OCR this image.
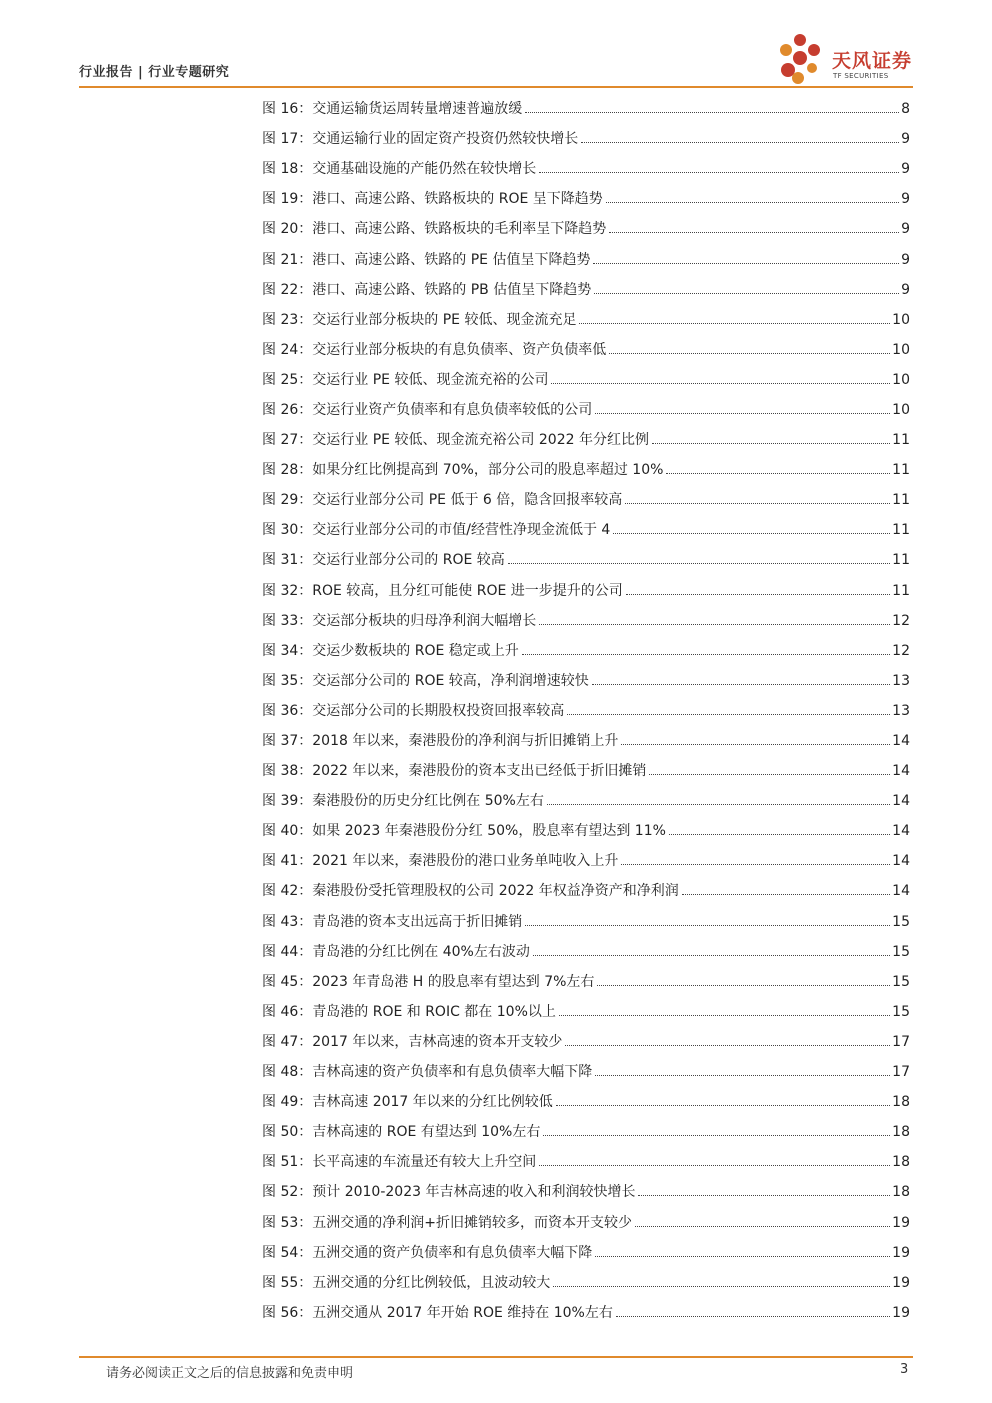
行业报告 | 行业专题研究
天风证券
TF SECURITIES
图 16：交通运输货运周转量增速普遍放缓	8
图 17：交通运输行业的固定资产投资仍然较快增长	9
图 18：交通基础设施的产能仍然在较快增长	9
图 19：港口、高速公路、铁路板块的 ROE 呈下降趋势	9
图 20：港口、高速公路、铁路板块的毛利率呈下降趋势	9
图 21：港口、高速公路、铁路的 PE 估值呈下降趋势	9
图 22：港口、高速公路、铁路的 PB 估值呈下降趋势	9
图 23：交运行业部分板块的 PE 较低、现金流充足	10
图 24：交运行业部分板块的有息负债率、资产负债率低	10
图 25：交运行业 PE 较低、现金流充裕的公司	10
图 26：交运行业资产负债率和有息负债率较低的公司	10
图 27：交运行业 PE 较低、现金流充裕公司 2022 年分红比例	11
图 28：如果分红比例提高到 70%，部分公司的股息率超过 10%	11
图 29：交运行业部分公司 PE 低于 6 倍，隐含回报率较高	11
图 30：交运行业部分公司的市值/经营性净现金流低于 4	11
图 31：交运行业部分公司的 ROE 较高	11
图 32：ROE 较高，且分红可能使 ROE 进一步提升的公司	11
图 33：交运部分板块的归母净利润大幅增长	12
图 34：交运少数板块的 ROE 稳定或上升	12
图 35：交运部分公司的 ROE 较高，净利润增速较快	13
图 36：交运部分公司的长期股权投资回报率较高	13
图 37：2018 年以来，秦港股份的净利润与折旧摊销上升	14
图 38：2022 年以来，秦港股份的资本支出已经低于折旧摊销	14
图 39：秦港股份的历史分红比例在 50%左右	14
图 40：如果 2023 年秦港股份分红 50%，股息率有望达到 11%	14
图 41：2021 年以来，秦港股份的港口业务单吨收入上升	14
图 42：秦港股份受托管理股权的公司 2022 年权益净资产和净利润	14
图 43：青岛港的资本支出远高于折旧摊销	15
图 44：青岛港的分红比例在 40%左右波动	15
图 45：2023 年青岛港 H 的股息率有望达到 7%左右	15
图 46：青岛港的 ROE 和 ROIC 都在 10%以上	15
图 47：2017 年以来，吉林高速的资本开支较少	17
图 48：吉林高速的资产负债率和有息负债率大幅下降	17
图 49：吉林高速 2017 年以来的分红比例较低	18
图 50：吉林高速的 ROE 有望达到 10%左右	18
图 51：长平高速的车流量还有较大上升空间	18
图 52：预计 2010-2023 年吉林高速的收入和利润较快增长	18
图 53：五洲交通的净利润+折旧摊销较多，而资本开支较少	19
图 54：五洲交通的资产负债率和有息负债率大幅下降	19
图 55：五洲交通的分红比例较低，且波动较大	19
图 56：五洲交通从 2017 年开始 ROE 维持在 10%左右	19
请务必阅读正文之后的信息披露和免责申明	3
